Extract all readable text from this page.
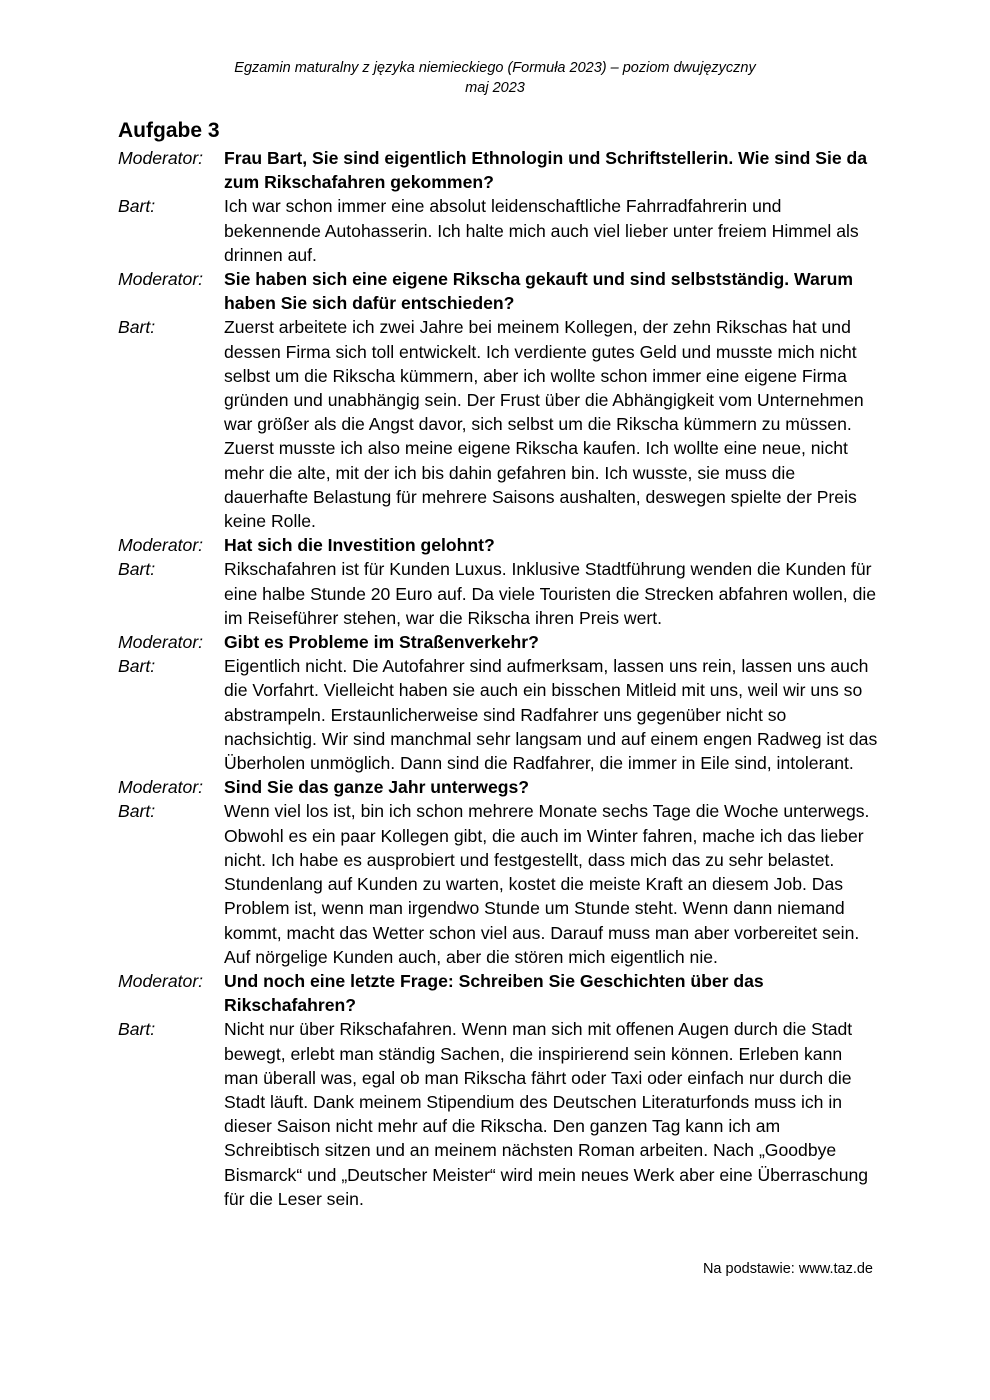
Egzamin maturalny z języka niemieckiego (Formuła 2023) – poziom dwujęzyczny
maj 2023
Aufgabe 3
Moderator:	Frau Bart, Sie sind eigentlich Ethnologin und Schriftstellerin. Wie sind Sie da zum Rikschafahren gekommen?
Bart:	Ich war schon immer eine absolut leidenschaftliche Fahrradfahrerin und bekennende Autohasserin. Ich halte mich auch viel lieber unter freiem Himmel als drinnen auf.
Moderator:	Sie haben sich eine eigene Rikscha gekauft und sind selbstständig. Warum haben Sie sich dafür entschieden?
Bart:	Zuerst arbeitete ich zwei Jahre bei meinem Kollegen, der zehn Rikschas hat und dessen Firma sich toll entwickelt. Ich verdiente gutes Geld und musste mich nicht selbst um die Rikscha kümmern, aber ich wollte schon immer eine eigene Firma gründen und unabhängig sein. Der Frust über die Abhängigkeit vom Unternehmen war größer als die Angst davor, sich selbst um die Rikscha kümmern zu müssen. Zuerst musste ich also meine eigene Rikscha kaufen. Ich wollte eine neue, nicht mehr die alte, mit der ich bis dahin gefahren bin. Ich wusste, sie muss die dauerhafte Belastung für mehrere Saisons aushalten, deswegen spielte der Preis keine Rolle.
Moderator:	Hat sich die Investition gelohnt?
Bart:	Rikschafahren ist für Kunden Luxus. Inklusive Stadtführung wenden die Kunden für eine halbe Stunde 20 Euro auf. Da viele Touristen die Strecken abfahren wollen, die im Reiseführer stehen, war die Rikscha ihren Preis wert.
Moderator:	Gibt es Probleme im Straßenverkehr?
Bart:	Eigentlich nicht. Die Autofahrer sind aufmerksam, lassen uns rein, lassen uns auch die Vorfahrt. Vielleicht haben sie auch ein bisschen Mitleid mit uns, weil wir uns so abstrampeln. Erstaunlicherweise sind Radfahrer uns gegenüber nicht so nachsichtig. Wir sind manchmal sehr langsam und auf einem engen Radweg ist das Überholen unmöglich. Dann sind die Radfahrer, die immer in Eile sind, intolerant.
Moderator:	Sind Sie das ganze Jahr unterwegs?
Bart:	Wenn viel los ist, bin ich schon mehrere Monate sechs Tage die Woche unterwegs. Obwohl es ein paar Kollegen gibt, die auch im Winter fahren, mache ich das lieber nicht. Ich habe es ausprobiert und festgestellt, dass mich das zu sehr belastet. Stundenlang auf Kunden zu warten, kostet die meiste Kraft an diesem Job. Das Problem ist, wenn man irgendwo Stunde um Stunde steht. Wenn dann niemand kommt, macht das Wetter schon viel aus. Darauf muss man aber vorbereitet sein. Auf nörgelige Kunden auch, aber die stören mich eigentlich nie.
Moderator:	Und noch eine letzte Frage: Schreiben Sie Geschichten über das Rikschafahren?
Bart:	Nicht nur über Rikschafahren. Wenn man sich mit offenen Augen durch die Stadt bewegt, erlebt man ständig Sachen, die inspirierend sein können. Erleben kann man überall was, egal ob man Rikscha fährt oder Taxi oder einfach nur durch die Stadt läuft. Dank meinem Stipendium des Deutschen Literaturfonds muss ich in dieser Saison nicht mehr auf die Rikscha. Den ganzen Tag kann ich am Schreibtisch sitzen und an meinem nächsten Roman arbeiten. Nach „Goodbye Bismarck“ und „Deutscher Meister“ wird mein neues Werk aber eine Überraschung für die Leser sein.
Na podstawie: www.taz.de
